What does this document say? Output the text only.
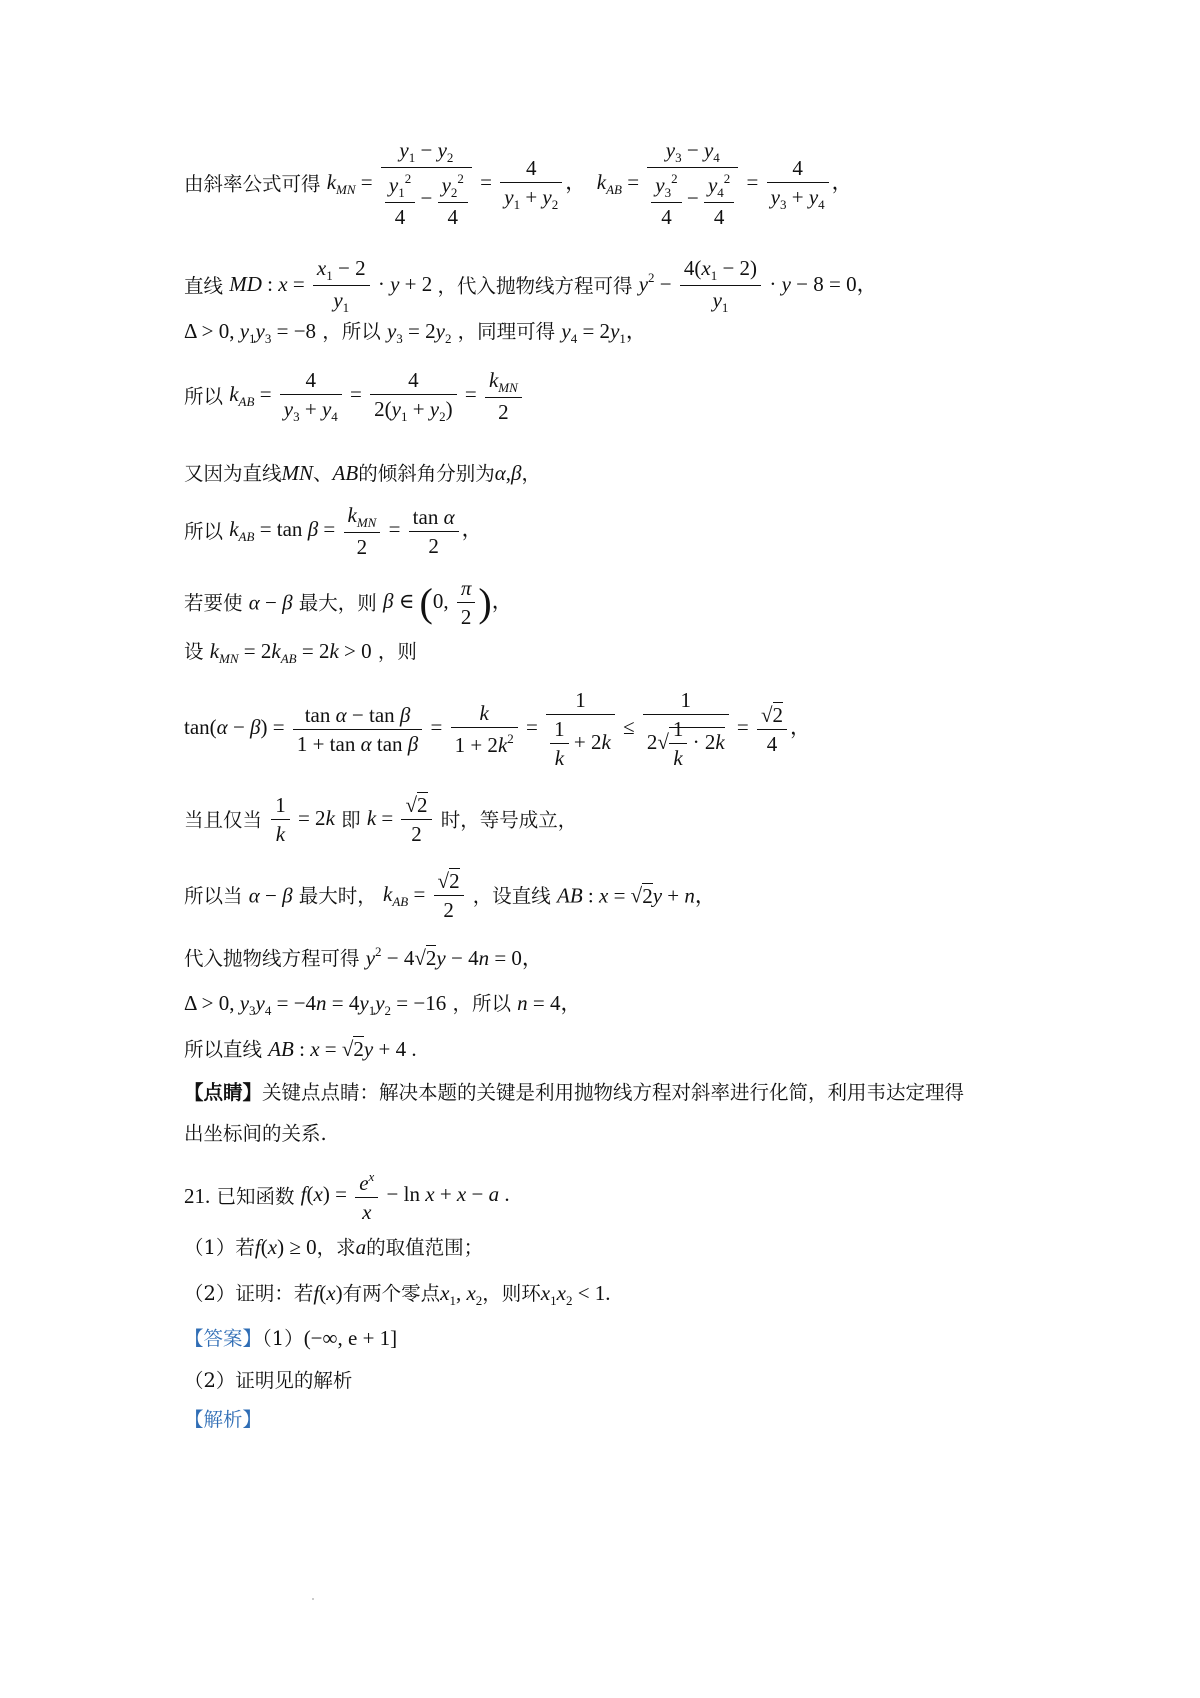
由斜率公式可得 $k_{MN} = \frac{y_1 - y_2}{\frac{y_1^2}{4} - \frac{y_2^2}{4}} = \frac{4}{y_1 + y_2}$ ，  $k_{AB} = \frac{y_3 - y_4}{\frac{y_3^2}{4} - \frac{y_4^2}{4}} = \frac{4}{y_3 + y_4}$ ，
直线 MD : $x = \frac{x_1 - 2}{y_1} \cdot y + 2$ ，代入抛物线方程可得 $y^2 - \frac{4(x_1 - 2)}{y_1} \cdot y - 8 = 0$，
Δ > 0, $y_1y_3 = -8$ ，所以 $y_3 = 2y_2$ ，同理可得 $y_4 = 2y_1$，
所以 $k_{AB} = \frac{4}{y_3 + y_4} = \frac{4}{2(y_1 + y_2)} = \frac{k_{MN}}{2}$
又因为直线MN、AB的倾斜角分别为α,β，
所以 $k_{AB} = \tan \beta = \frac{k_{MN}}{2} = \frac{\text{tan α}}{2}$ ，
若要使 α − β 最大，则 β ∈ (0, $\frac{\pi}{2}$ )，
设 $k_{MN} = 2k_{AB} = 2k > 0$ ，则
$\tan(\alpha - \beta) = \frac{\text{tan α − tan β}}{\text{1 + tan α tan β}} = \frac{k}{1 + 2k^2} = \frac{1}{\frac{1}{k} + 2k} \le \frac{1}{2√ \frac{1}{k} \cdot 2k} = \frac{√2}{4}$ ，
当且仅当 $\frac{1}{k} = 2k$ 即 $k = \frac{√2}{2}$ 时，等号成立，
所以当 α − β 最大时， $k_{AB} = \frac{√2}{2}$ ，设直线 AB : x = √2y + n，
代入抛物线方程可得 $y^2 - 4√2y - 4n = 0$，
Δ > 0, $y_3y_4 = -4n = 4y_1y_2 = -16$ ，所以 n = 4，
所以直线 AB : x = √2y + 4 .
【点睛】关键点点睛：解决本题的关键是利用抛物线方程对斜率进行化简，利用韦达定理得
出坐标间的关系.
21. 已知函数 $f(x) = \frac{e^x}{x} - \ln x + x - a$ .
（1）若f(x) ≥ 0，求a的取值范围；
（2）证明：若f(x)有两个零点$x_1$, $x_2$，则环$x_1x_2 < 1$.
【答案】（1）(−∞, e + 1]
（2）证明见的解析
【解析】
